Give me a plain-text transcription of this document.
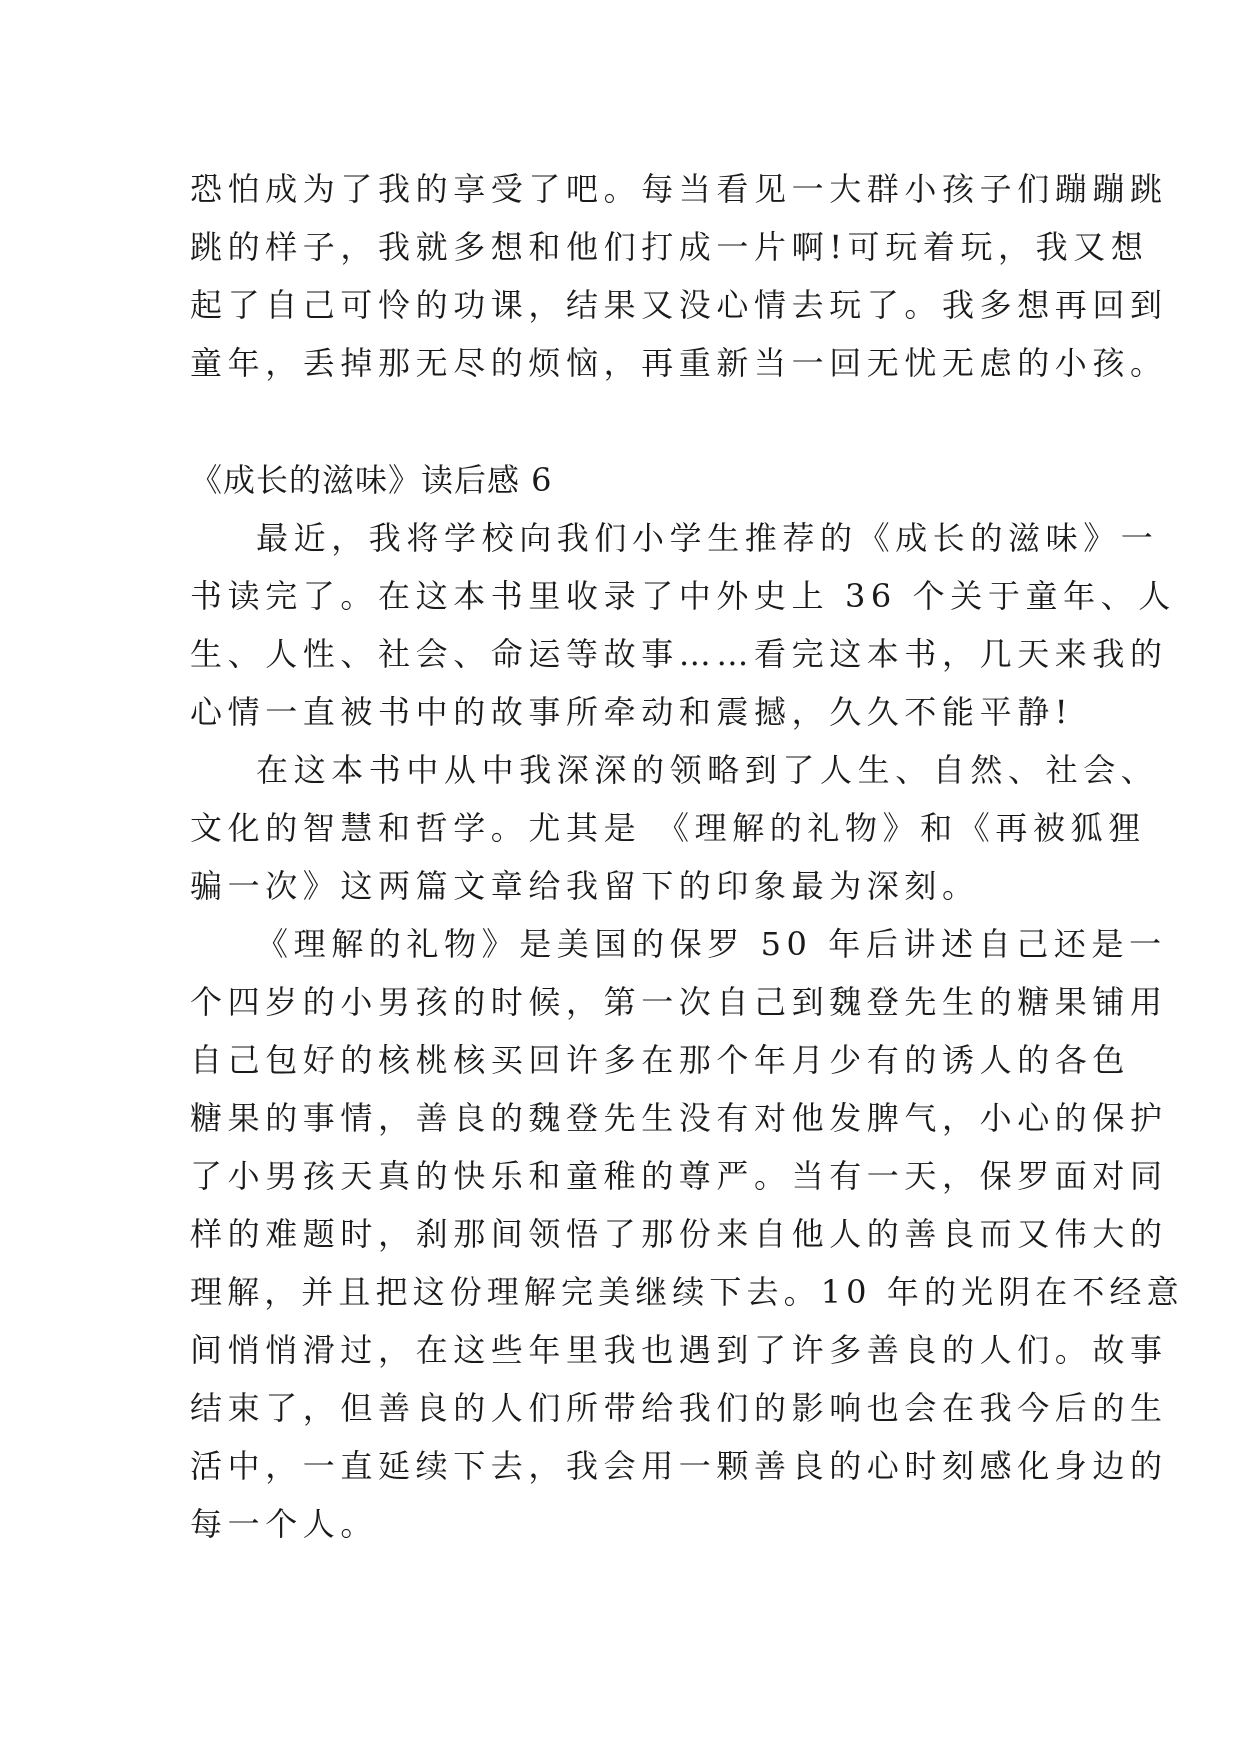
恐怕成为了我的享受了吧。每当看见一大群小孩子们蹦蹦跳
跳的样子，我就多想和他们打成一片啊!可玩着玩，我又想
起了自己可怜的功课，结果又没心情去玩了。我多想再回到
童年，丢掉那无尽的烦恼，再重新当一回无忧无虑的小孩。
《成长的滋味》读后感 6
最近，我将学校向我们小学生推荐的《成长的滋味》一
书读完了。在这本书里收录了中外史上 36 个关于童年、人
生、人性、社会、命运等故事……看完这本书，几天来我的
心情一直被书中的故事所牵动和震撼，久久不能平静!
在这本书中从中我深深的领略到了人生、自然、社会、
文化的智慧和哲学。尤其是 《理解的礼物》和《再被狐狸
骗一次》这两篇文章给我留下的印象最为深刻。
《理解的礼物》是美国的保罗 50 年后讲述自己还是一
个四岁的小男孩的时候，第一次自己到魏登先生的糖果铺用
自己包好的核桃核买回许多在那个年月少有的诱人的各色
糖果的事情，善良的魏登先生没有对他发脾气，小心的保护
了小男孩天真的快乐和童稚的尊严。当有一天，保罗面对同
样的难题时，刹那间领悟了那份来自他人的善良而又伟大的
理解，并且把这份理解完美继续下去。10 年的光阴在不经意
间悄悄滑过，在这些年里我也遇到了许多善良的人们。故事
结束了，但善良的人们所带给我们的影响也会在我今后的生
活中，一直延续下去，我会用一颗善良的心时刻感化身边的
每一个人。
